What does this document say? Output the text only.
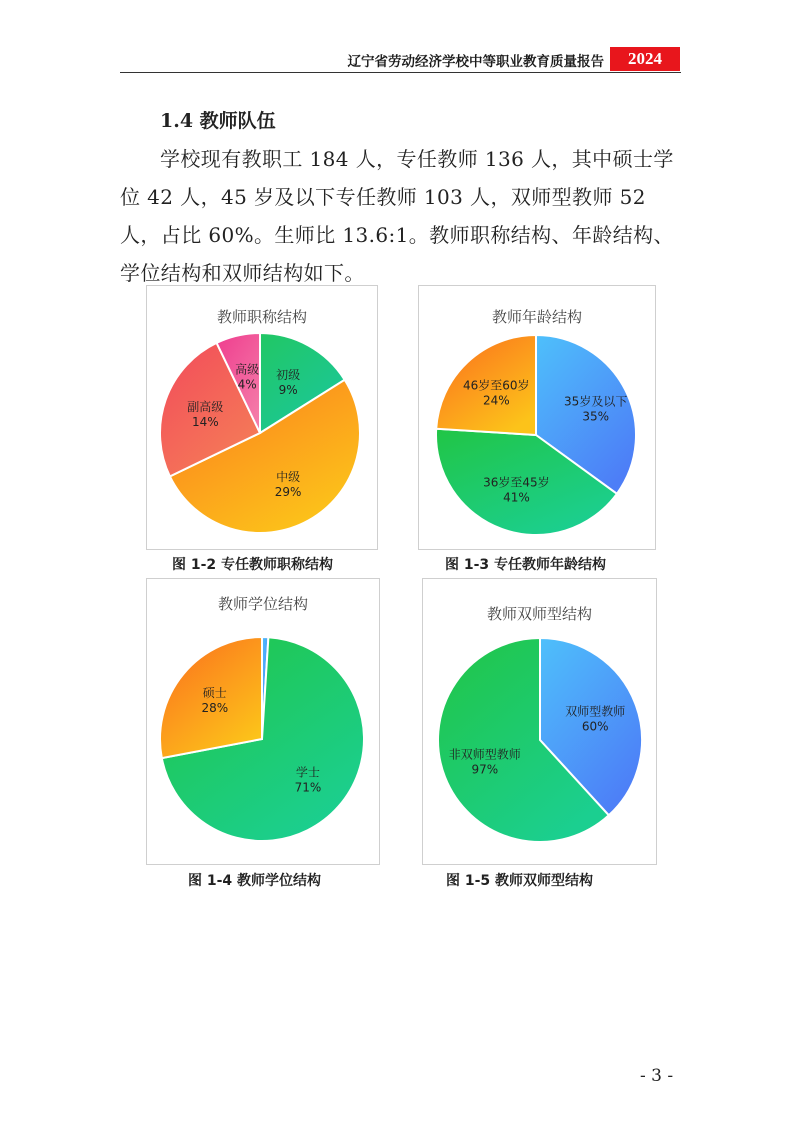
辽宁省劳动经济学校中等职业教育质量报告	2024
1.4 教师队伍
学校现有教职工 184 人，专任教师 136 人，其中硕士学位 42 人，45 岁及以下专任教师 103 人，双师型教师 52 人，占比 60%。生师比 13.6:1。教师职称结构、年龄结构、学位结构和双师结构如下。
教师职称结构
初级
9%
中级
29%
副高级
14%
高级
4%
图 1-2 专任教师职称结构
教师年龄结构
35岁及以下
35%
36岁至45岁
41%
46岁至60岁
24%
图 1-3 专任教师年龄结构
教师学位结构
学士
71%
硕士
28%
图 1-4 教师学位结构
教师双师型结构
双师型教师
60%
非双师型教师
97%
图 1-5 教师双师型结构
- 3 -
